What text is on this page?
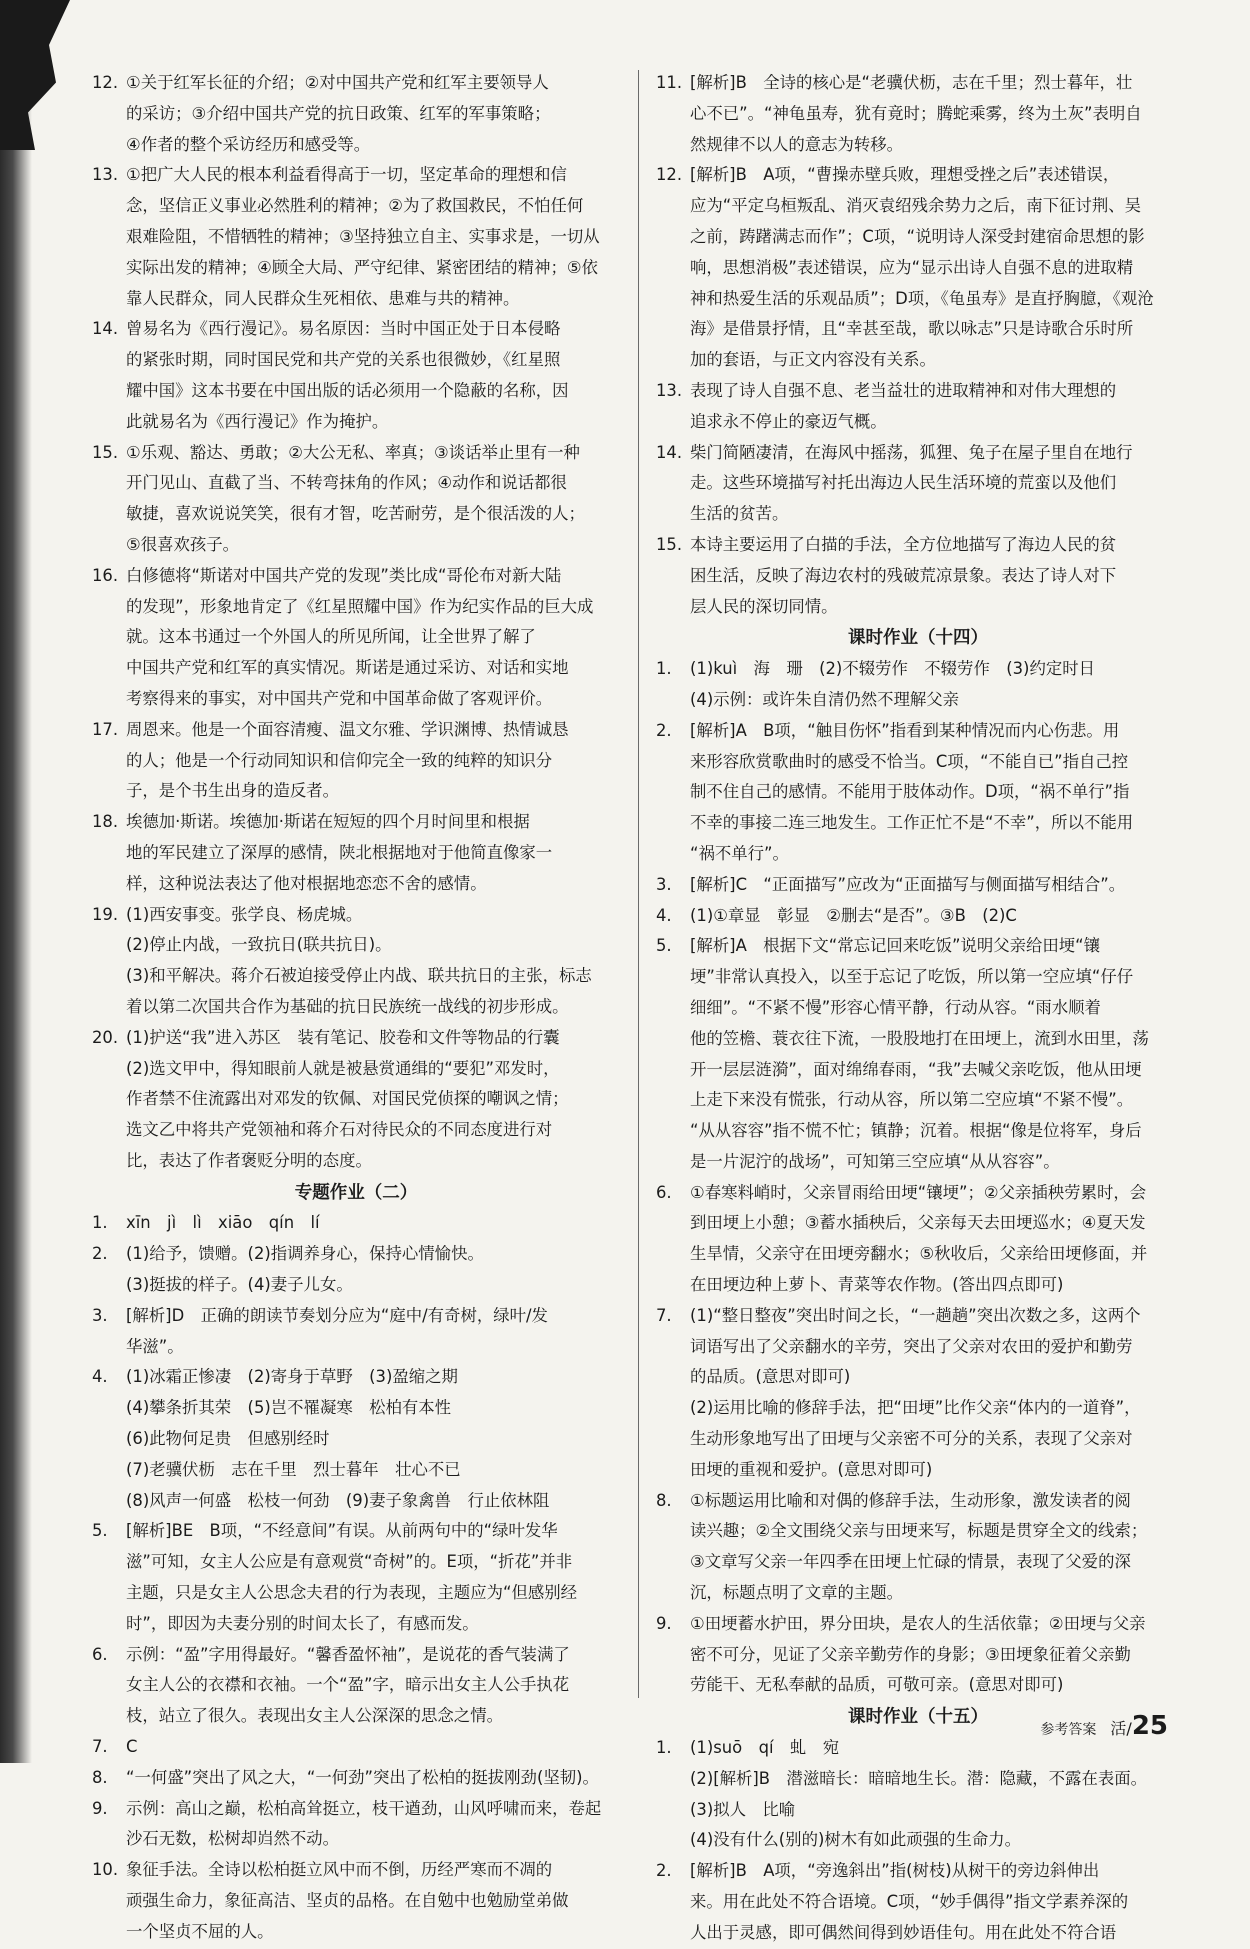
12. ①关于红军长征的介绍；②对中国共产党和红军主要领导人

的采访；③介绍中国共产党的抗日政策、红军的军事策略；

④作者的整个采访经历和感受等。

13. ①把广大人民的根本利益看得高于一切，坚定革命的理想和信

念，坚信正义事业必然胜利的精神；②为了救国救民，不怕任何

艰难险阻，不惜牺牲的精神；③坚持独立自主、实事求是，一切从

实际出发的精神；④顾全大局、严守纪律、紧密团结的精神；⑤依

靠人民群众，同人民群众生死相依、患难与共的精神。

14. 曾易名为《西行漫记》。易名原因：当时中国正处于日本侵略

的紧张时期，同时国民党和共产党的关系也很微妙，《红星照

耀中国》这本书要在中国出版的话必须用一个隐蔽的名称，因

此就易名为《西行漫记》作为掩护。

15. ①乐观、豁达、勇敢；②大公无私、率真；③谈话举止里有一种

开门见山、直截了当、不转弯抹角的作风；④动作和说话都很

敏捷，喜欢说说笑笑，很有才智，吃苦耐劳，是个很活泼的人；

⑤很喜欢孩子。

16. 白修德将“斯诺对中国共产党的发现”类比成“哥伦布对新大陆

的发现”，形象地肯定了《红星照耀中国》作为纪实作品的巨大成

就。这本书通过一个外国人的所见所闻，让全世界了解了

中国共产党和红军的真实情况。斯诺是通过采访、对话和实地

考察得来的事实，对中国共产党和中国革命做了客观评价。

17. 周恩来。他是一个面容清瘦、温文尔雅、学识渊博、热情诚恳

的人；他是一个行动同知识和信仰完全一致的纯粹的知识分

子，是个书生出身的造反者。

18. 埃德加·斯诺。埃德加·斯诺在短短的四个月时间里和根据

地的军民建立了深厚的感情，陕北根据地对于他简直像家一

样，这种说法表达了他对根据地恋恋不舍的感情。

19. (1)西安事变。张学良、杨虎城。

(2)停止内战，一致抗日(联共抗日)。

(3)和平解决。蒋介石被迫接受停止内战、联共抗日的主张，标志

着以第二次国共合作为基础的抗日民族统一战线的初步形成。

20. (1)护送“我”进入苏区　装有笔记、胶卷和文件等物品的行囊

(2)选文甲中，得知眼前人就是被悬赏通缉的“要犯”邓发时，

作者禁不住流露出对邓发的钦佩、对国民党侦探的嘲讽之情；

选文乙中将共产党领袖和蒋介石对待民众的不同态度进行对

比，表达了作者褒贬分明的态度。

专题作业（二）
1. xīn　jì　lì　xiāo　qín　lí

2. (1)给予，馈赠。(2)指调养身心，保持心情愉快。

(3)挺拔的样子。(4)妻子儿女。

3. [解析]D　正确的朗读节奏划分应为“庭中/有奇树，绿叶/发

华滋”。

4. (1)冰霜正惨凄　(2)寄身于草野　(3)盈缩之期

(4)攀条折其荣　(5)岂不罹凝寒　松柏有本性

(6)此物何足贵　但感别经时

(7)老骥伏枥　志在千里　烈士暮年　壮心不已

(8)风声一何盛　松枝一何劲　(9)妻子象禽兽　行止依林阻

5. [解析]BE　B项，“不经意间”有误。从前两句中的“绿叶发华

滋”可知，女主人公应是有意观赏“奇树”的。E项，“折花”并非

主题，只是女主人公思念夫君的行为表现，主题应为“但感别经

时”，即因为夫妻分别的时间太长了，有感而发。

6. 示例：“盈”字用得最好。“馨香盈怀袖”，是说花的香气装满了

女主人公的衣襟和衣袖。一个“盈”字，暗示出女主人公手执花

枝，站立了很久。表现出女主人公深深的思念之情。

7. C

8. “一何盛”突出了风之大，“一何劲”突出了松柏的挺拔刚劲(坚韧)。

9. 示例：高山之巅，松柏高耸挺立，枝干遒劲，山风呼啸而来，卷起

沙石无数，松树却岿然不动。

10. 象征手法。全诗以松柏挺立风中而不倒，历经严寒而不凋的

顽强生命力，象征高洁、坚贞的品格。在自勉中也勉励堂弟做

一个坚贞不屈的人。

11. [解析]B　全诗的核心是“老骥伏枥，志在千里；烈士暮年，壮

心不已”。“神龟虽寿，犹有竟时；腾蛇乘雾，终为土灰”表明自

然规律不以人的意志为转移。

12. [解析]B　A项，“曹操赤壁兵败，理想受挫之后”表述错误，

应为“平定乌桓叛乱、消灭袁绍残余势力之后，南下征讨荆、吴

之前，踌躇满志而作”；C项，“说明诗人深受封建宿命思想的影

响，思想消极”表述错误，应为“显示出诗人自强不息的进取精

神和热爱生活的乐观品质”；D项，《龟虽寿》是直抒胸臆，《观沧

海》是借景抒情，且“幸甚至哉，歌以咏志”只是诗歌合乐时所

加的套语，与正文内容没有关系。

13. 表现了诗人自强不息、老当益壮的进取精神和对伟大理想的

追求永不停止的豪迈气概。

14. 柴门简陋凄清，在海风中摇荡，狐狸、兔子在屋子里自在地行

走。这些环境描写衬托出海边人民生活环境的荒蛮以及他们

生活的贫苦。

15. 本诗主要运用了白描的手法，全方位地描写了海边人民的贫

困生活，反映了海边农村的残破荒凉景象。表达了诗人对下

层人民的深切同情。

课时作业（十四）
1. (1)kuì　海　珊　(2)不辍劳作　不辍劳作　(3)约定时日

(4)示例：或许朱自清仍然不理解父亲

2. [解析]A　B项，“触目伤怀”指看到某种情况而内心伤悲。用

来形容欣赏歌曲时的感受不恰当。C项，“不能自已”指自己控

制不住自己的感情。不能用于肢体动作。D项，“祸不单行”指

不幸的事接二连三地发生。工作正忙不是“不幸”，所以不能用

“祸不单行”。

3. [解析]C　“正面描写”应改为“正面描写与侧面描写相结合”。

4. (1)①章显　彰显　②删去“是否”。③B　(2)C

5. [解析]A　根据下文“常忘记回来吃饭”说明父亲给田埂“镶

埂”非常认真投入，以至于忘记了吃饭，所以第一空应填“仔仔

细细”。“不紧不慢”形容心情平静，行动从容。“雨水顺着

他的笠檐、蓑衣往下流，一股股地打在田埂上，流到水田里，荡

开一层层涟漪”，面对绵绵春雨，“我”去喊父亲吃饭，他从田埂

上走下来没有慌张，行动从容，所以第二空应填“不紧不慢”。

“从从容容”指不慌不忙；镇静；沉着。根据“像是位将军，身后

是一片泥泞的战场”，可知第三空应填“从从容容”。

6. ①春寒料峭时，父亲冒雨给田埂“镶埂”；②父亲插秧劳累时，会

到田埂上小憩；③蓄水插秧后，父亲每天去田埂巡水；④夏天发

生旱情，父亲守在田埂旁翻水；⑤秋收后，父亲给田埂修面，并

在田埂边种上萝卜、青菜等农作物。(答出四点即可)

7. (1)“整日整夜”突出时间之长，“一趟趟”突出次数之多，这两个

词语写出了父亲翻水的辛劳，突出了父亲对农田的爱护和勤劳

的品质。(意思对即可)

(2)运用比喻的修辞手法，把“田埂”比作父亲“体内的一道脊”，

生动形象地写出了田埂与父亲密不可分的关系，表现了父亲对

田埂的重视和爱护。(意思对即可)

8. ①标题运用比喻和对偶的修辞手法，生动形象，激发读者的阅

读兴趣；②全文围绕父亲与田埂来写，标题是贯穿全文的线索；

③文章写父亲一年四季在田埂上忙碌的情景，表现了父爱的深

沉，标题点明了文章的主题。

9. ①田埂蓄水护田，界分田块，是农人的生活依靠；②田埂与父亲

密不可分，见证了父亲辛勤劳作的身影；③田埂象征着父亲勤

劳能干、无私奉献的品质，可敬可亲。(意思对即可)

课时作业（十五）
1. (1)suō　qí　虬　宛

(2)[解析]B　潜滋暗长：暗暗地生长。潜：隐藏，不露在表面。

(3)拟人　比喻

(4)没有什么(别的)树木有如此顽强的生命力。

2. [解析]B　A项，“旁逸斜出”指(树枝)从树干的旁边斜伸出

来。用在此处不符合语境。C项，“妙手偶得”指文学素养深的

人出于灵感，即可偶然间得到妙语佳句。用在此处不符合语

参考答案 活/ 25
